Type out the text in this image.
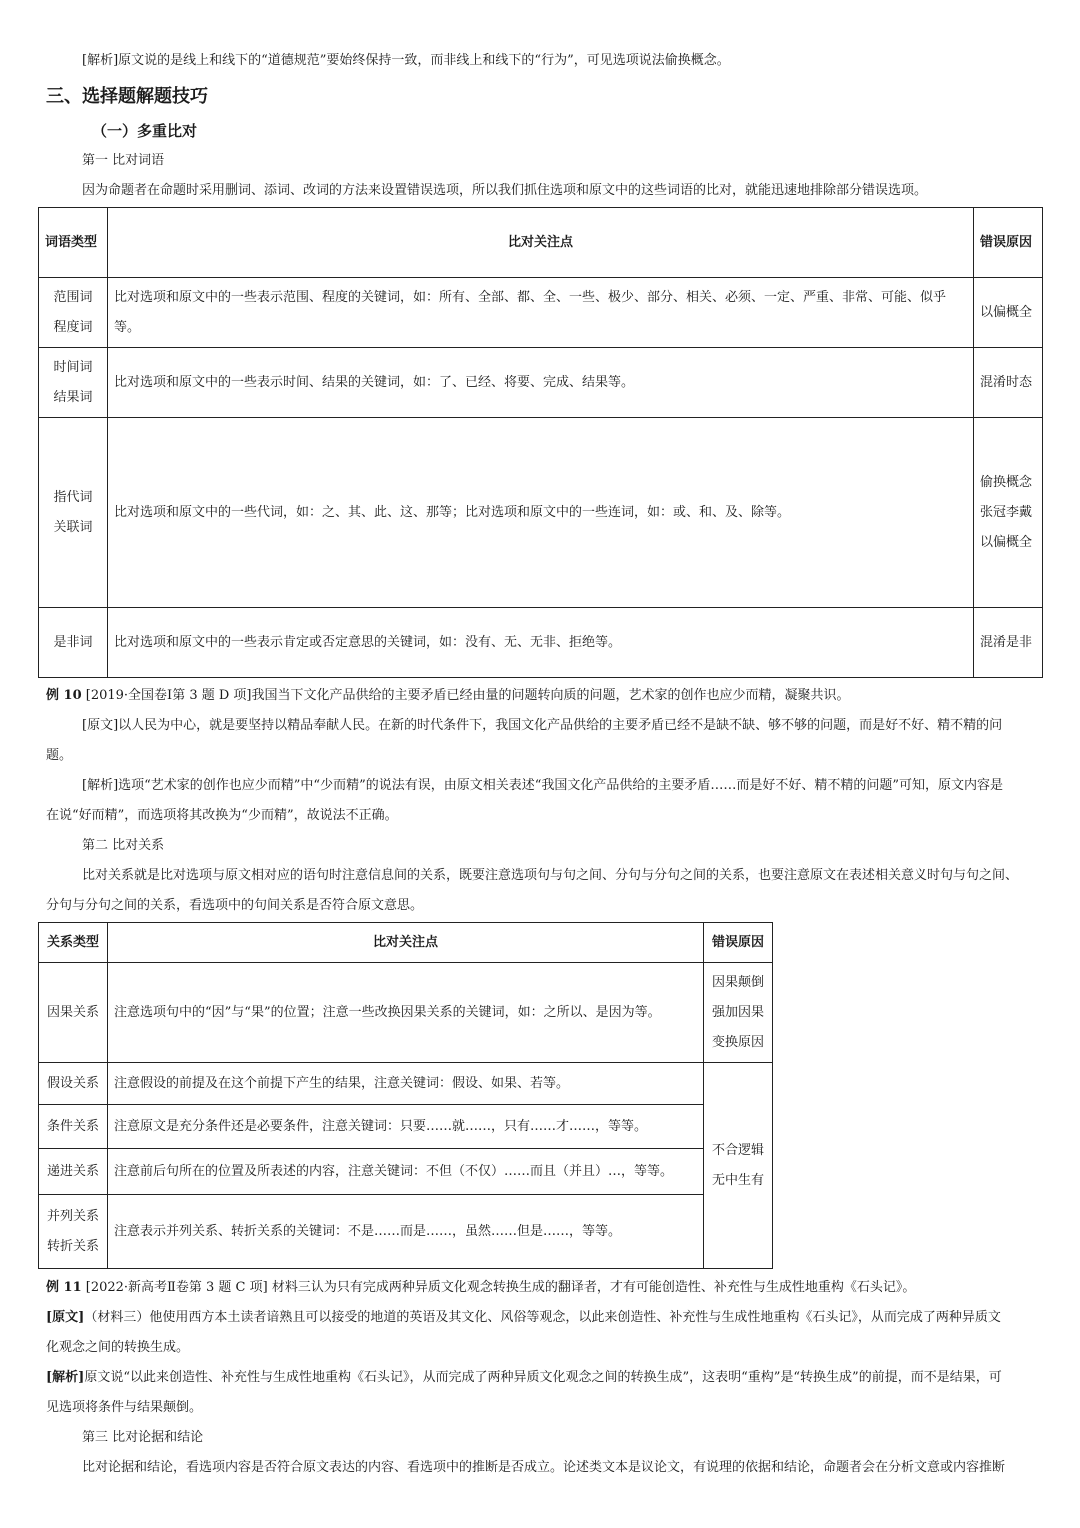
[解析]原文说的是线上和线下的“道德规范”要始终保持一致，而非线上和线下的“行为”，可见选项说法偷换概念。
三、选择题解题技巧
（一）多重比对
第一 比对词语
因为命题者在命题时采用删词、添词、改词的方法来设置错误选项，所以我们抓住选项和原文中的这些词语的比对，就能迅速地排除部分错误选项。
词语类型	比对关注点	错误原因
范围词
程度词	比对选项和原文中的一些表示范围、程度的关键词，如：所有、全部、都、全、一些、极少、部分、相关、必须、一定、严重、非常、可能、似乎等。	以偏概全
时间词
结果词	比对选项和原文中的一些表示时间、结果的关键词，如：了、已经、将要、完成、结果等。	混淆时态
指代词
关联词	比对选项和原文中的一些代词，如：之、其、此、这、那等；比对选项和原文中的一些连词，如：或、和、及、除等。	偷换概念
张冠李戴
以偏概全
是非词	比对选项和原文中的一些表示肯定或否定意思的关键词，如：没有、无、无非、拒绝等。	混淆是非
例 10 [2019·全国卷Ⅰ第 3 题 D 项]我国当下文化产品供给的主要矛盾已经由量的问题转向质的问题，艺术家的创作也应少而精，凝聚共识。
[原文]以人民为中心，就是要坚持以精品奉献人民。在新的时代条件下，我国文化产品供给的主要矛盾已经不是缺不缺、够不够的问题，而是好不好、精不精的问
题。
[解析]选项“艺术家的创作也应少而精”中“少而精”的说法有误，由原文相关表述“我国文化产品供给的主要矛盾……而是好不好、精不精的问题”可知，原文内容是
在说“好而精”，而选项将其改换为“少而精”，故说法不正确。
第二 比对关系
比对关系就是比对选项与原文相对应的语句时注意信息间的关系，既要注意选项句与句之间、分句与分句之间的关系，也要注意原文在表述相关意义时句与句之间、
分句与分句之间的关系，看选项中的句间关系是否符合原文意思。
关系类型	比对关注点	错误原因
因果关系	注意选项句中的“因”与“果”的位置；注意一些改换因果关系的关键词，如：之所以、是因为等。	因果颠倒
强加因果
变换原因
假设关系	注意假设的前提及在这个前提下产生的结果，注意关键词：假设、如果、若等。	不合逻辑
无中生有
条件关系	注意原文是充分条件还是必要条件，注意关键词：只要……就……，只有……才……，等等。	
递进关系	注意前后句所在的位置及所表述的内容，注意关键词：不但（不仅）……而且（并且）…，等等。	
并列关系
转折关系	注意表示并列关系、转折关系的关键词：不是……而是……，虽然……但是……，等等。	
例 11 [2022·新高考Ⅱ卷第 3 题 C 项] 材料三认为只有完成两种异质文化观念转换生成的翻译者，才有可能创造性、补充性与生成性地重构《石头记》。
[原文]（材料三）他使用西方本土读者谙熟且可以接受的地道的英语及其文化、风俗等观念，以此来创造性、补充性与生成性地重构《石头记》，从而完成了两种异质文
化观念之间的转换生成。
[解析]原文说“以此来创造性、补充性与生成性地重构《石头记》，从而完成了两种异质文化观念之间的转换生成”，这表明“重构”是“转换生成”的前提，而不是结果，可
见选项将条件与结果颠倒。
第三 比对论据和结论
比对论据和结论，看选项内容是否符合原文表达的内容、看选项中的推断是否成立。论述类文本是议论文，有说理的依据和结论，命题者会在分析文意或内容推断
